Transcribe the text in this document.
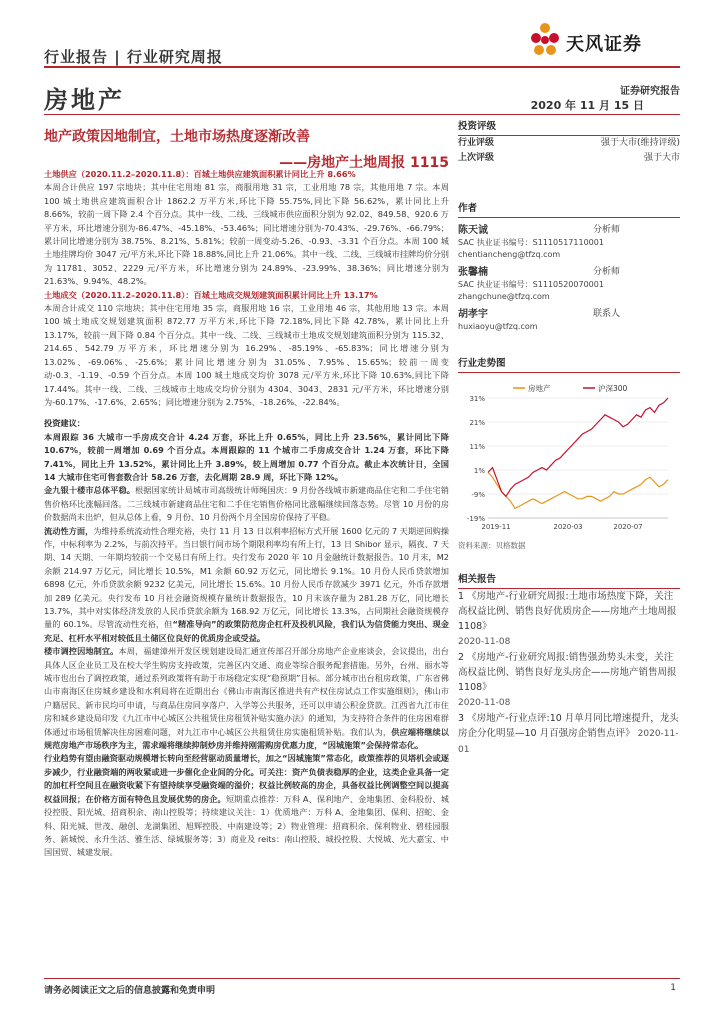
行业报告 | 行业研究周报
天风证券
房地产	证券研究报告
2020 年 11 月 15 日
地产政策因地制宜，土地市场热度逐渐改善
——房地产土地周报 1115

土地供应（2020.11.2–2020.11.8）：百城土地供应建筑面积累计同比上升 8.66%

本周合计供应 197 宗地块；其中住宅用地 81 宗，商服用地 31 宗，工业用地 78 宗，其他用地 7 宗。本周 100 城土地供应建筑面积合计 1862.2 万平方米,环比下降 55.75%,同比下降 56.62%，累计同比上升 8.66%，较前一周下降 2.4 个百分点。其中一线、二线、三线城市供应面积分别为 92.02、849.58、920.6 万平方米，环比增速分别为-86.47%、-45.18%、-53.46%；同比增速分别为-70.43%、-29.76%、-66.79%；累计同比增速分别为 38.75%、8.21%、5.81%；较前一周变动-5.26、-0.93、-3.31 个百分点。本周 100 城土地挂牌均价 3047 元/平方米,环比下降 18.88%,同比上升 21.06%。其中一线、二线、三线城市挂牌均价分别为 11781、3052、2229 元/平方米，环比增速分别为 24.89%、-23.99%、38.36%；同比增速分别为 21.63%、9.94%、48.2%。

土地成交（2020.11.2–2020.11.8）：百城土地成交规划建筑面积累计同比上升 13.17%

本周合计成交 110 宗地块；其中住宅用地 35 宗，商服用地 16 宗，工业用地 46 宗，其他用地 13 宗。本周 100 城土地成交规划建筑面积 872.77 万平方米,环比下降 72.18%,同比下降 42.78%，累计同比上升 13.17%，较前一周下降 0.84 个百分点。其中一线、二线、三线城市土地成交规划建筑面积分别为 115.32、214.65、542.79 万平方米，环比增速分别为 16.29%、-85.19%、-65.83%；同比增速分别为 13.02%、-69.06%、-25.6%；累计同比增速分别为 31.05%、7.95%、15.65%；较前一周变动-0.3、-1.19、-0.59 个百分点。本周 100 城土地成交均价 3078 元/平方米,环比下降 10.63%,同比下降 17.44%。其中一线、二线、三线城市土地成交均价分别为 4304、3043、2831 元/平方米，环比增速分别为-60.17%、-17.6%、2.65%；同比增速分别为 2.75%、-18.26%、-22.84%。

投资建议：

本周跟踪 36 大城市一手房成交合计 4.24 万套，环比上升 0.65%，同比上升 23.56%，累计同比下降 10.67%，较前一周增加 0.69 个百分点。本周跟踪的 11 个城市二手房成交合计 1.24 万套，环比下降 7.41%，同比上升 13.52%，累计同比上升 3.89%，较上周增加 0.77 个百分点。截止本次统计日，全国 14 大城市住宅可售套数合计 58.26 万套，去化周期 28.9 周，环比下降 12%。

金九银十楼市总体平稳。根据国家统计局城市司高级统计师绳国庆：9 月份各线城市新建商品住宅和二手住宅销售价格环比涨幅回落。二三线城市新建商品住宅和二手住宅销售价格同比涨幅继续回落态势。尽管 10 月份的房价数据尚未出炉，但从总体上看，9 月份、10 月份两个月全国房价保持了平稳。

流动性方面，为维持系统流动性合理充裕，央行 11 月 13 日以利率招标方式开展 1600 亿元的 7 天期逆回购操作，中标利率为 2.2%，与前次持平。当日银行间市场个期限利率均有所上行，13 日 Shibor 显示，隔夜、7 天期、14 天期、一年期均较前一个交易日有所上行。央行发布 2020 年 10 月金融统计数据报告。10 月末，M2 余额 214.97 万亿元，同比增长 10.5%，M1 余额 60.92 万亿元，同比增长 9.1%。10 月份人民币贷款增加 6898 亿元，外币贷款余额 9232 亿美元，同比增长 15.6%。10 月份人民币存款减少 3971 亿元，外币存款增加 289 亿美元。央行发布 10 月社会融资规模存量统计数据报告，10 月末该存量为 281.28 万亿，同比增长 13.7%，其中对实体经济发放的人民币贷款余额为 168.92 万亿元，同比增长 13.3%，占同期社会融资规模存量的 60.1%。尽管流动性充裕，但“精准导向”的政策防范房企杠杆及投机风险，我们认为信贷能力突出、现金充足、杠杆水平相对较低且土储区位良好的优质房企或受益。

楼市调控因地制宜。本周，福建漳州开发区规划建设局汇通宣传部召开部分房地产企业座谈会，会议提出，出台具体人区企业员工及在校大学生购房支持政策，完善区内交通、商业等综合服务配套措施。另外，台州、丽水等城市也出台了调控政策，通过系列政策将有助于市场稳定实现“稳预期”目标。部分城市出台租房政策，广东省佛山市南海区住房城乡建设和水利局将在近期出台《佛山市南海区推进共有产权住房试点工作实施细则》，佛山市户籍居民、新市民均可申请，与商品住房同享落户、入学等公共服务，还可以申请公积金贷款。江西省九江市住房和城乡建设局印发《九江市中心城区公共租赁住房租赁补贴实施办法》的通知，为支持符合条件的住房困难群体通过市场租赁解决住房困难问题，对九江市中心城区公共租赁住房实施租赁补贴。我们认为，供应端将继续以规范房地产市场秩序为主，需求端将继续抑制炒房并维持刚需购房优惠力度，“因城施策”会保持常态化。

行业趋势有望由融资驱动规模增长转向至经营驱动质量增长，加之“因城施策”常态化，政策推荐的贝塔机会或逐步减少，行业融资端的两收紧或进一步催化企业间的分化。可关注：资产负债表稳厚的企业，这类企业具备一定的加杠杆空间且在融资收紧下有望持续享受融资端的溢价；权益比例较高的房企，具备权益比例调整空间以提高权益回报；在价格方面有特色且发展优势的房企。短期重点推荐：万科 A、保利地产、金地集团、金科股份、城投控股、阳光城、招商积余、南山控股等；持续建议关注：1）优质地产：万科 A、金地集团、保利、招蛇、金科、阳光城、世茂、融创、龙湖集团、旭辉控股、中南建设等；2）物业管理：招商积余、保利物业、碧桂园服务、新城悦、永升生活、雅生活、绿城服务等；3）商业及 reits：南山控股、城投控股、大悦城、光大嘉宝、中国国贸、城建发展。

投资评级
行业评级	强于大市(维持评级)
上次评级	强于大市
作者
陈天诚	分析师
SAC 执业证书编号：S1110517110001
chentiancheng@tfzq.com
张馨楠	分析师
SAC 执业证书编号：S1110520070001
zhangchune@tfzq.com
胡孝宇	联系人
huxiaoyu@tfzq.com
行业走势图
31%
21%
11%
1%
-9%
-19%
2019-11	2020-03	2020-07
房地产	沪深300
资料来源：贝格数据
相关报告
1 《房地产-行业研究周报:土地市场热度下降，关注高权益比例、销售良好优质房企——房地产土地周报 1108》
2020-11-08
2 《房地产-行业研究周报:销售强劲势头未变，关注高权益比例、销售良好龙头房企——房地产销售周报 1108》
2020-11-08
3 《房地产-行业点评:10 月单月同比增速提升，龙头房企分化明显—10 月百强房企销售点评》 2020-11-01
请务必阅读正文之后的信息披露和免责申明	1
